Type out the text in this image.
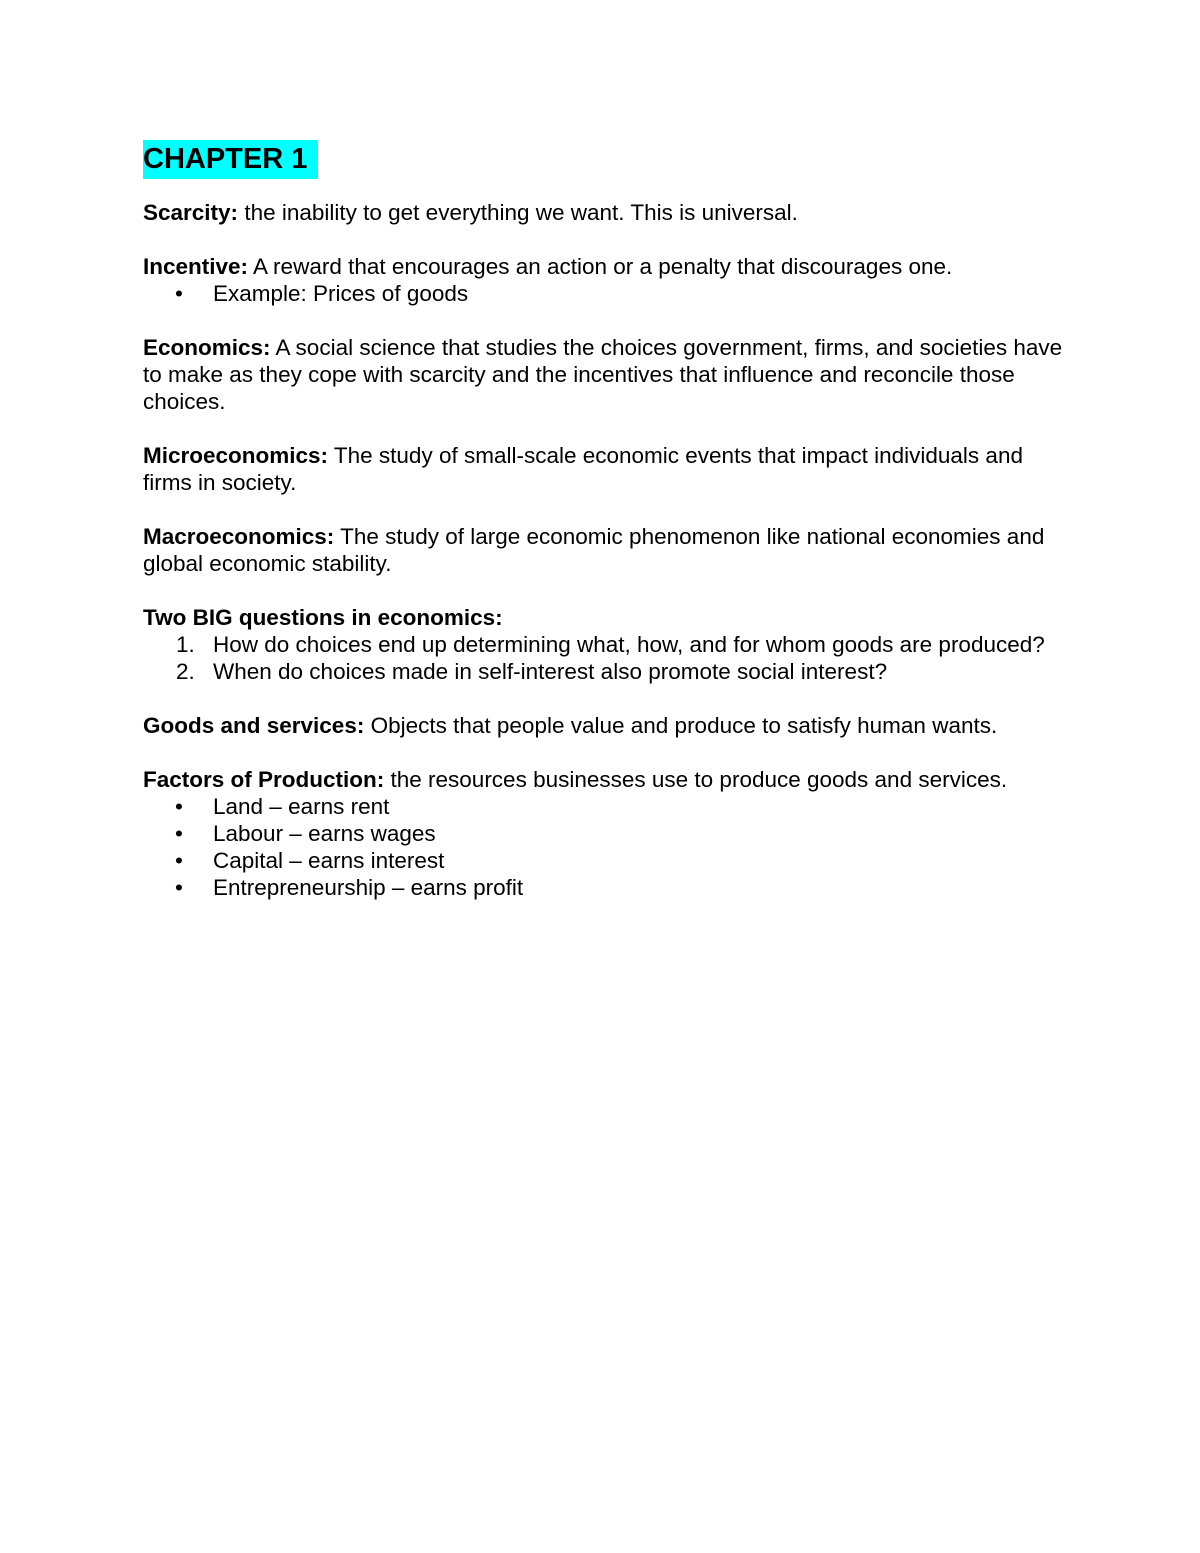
CHAPTER 1

Scarcity: the inability to get everything we want. This is universal.

Incentive: A reward that encourages an action or a penalty that discourages one.

• Example: Prices of goods

Economics: A social science that studies the choices government, firms, and societies have to make as they cope with scarcity and the incentives that influence and reconcile those choices.

Microeconomics: The study of small-scale economic events that impact individuals and firms in society.

Macroeconomics: The study of large economic phenomenon like national economies and global economic stability.

Two BIG questions in economics:

1. How do choices end up determining what, how, and for whom goods are produced?
2. When do choices made in self-interest also promote social interest?

Goods and services: Objects that people value and produce to satisfy human wants.

Factors of Production: the resources businesses use to produce goods and services.

• Land – earns rent
• Labour – earns wages
• Capital – earns interest
• Entrepreneurship – earns profit
